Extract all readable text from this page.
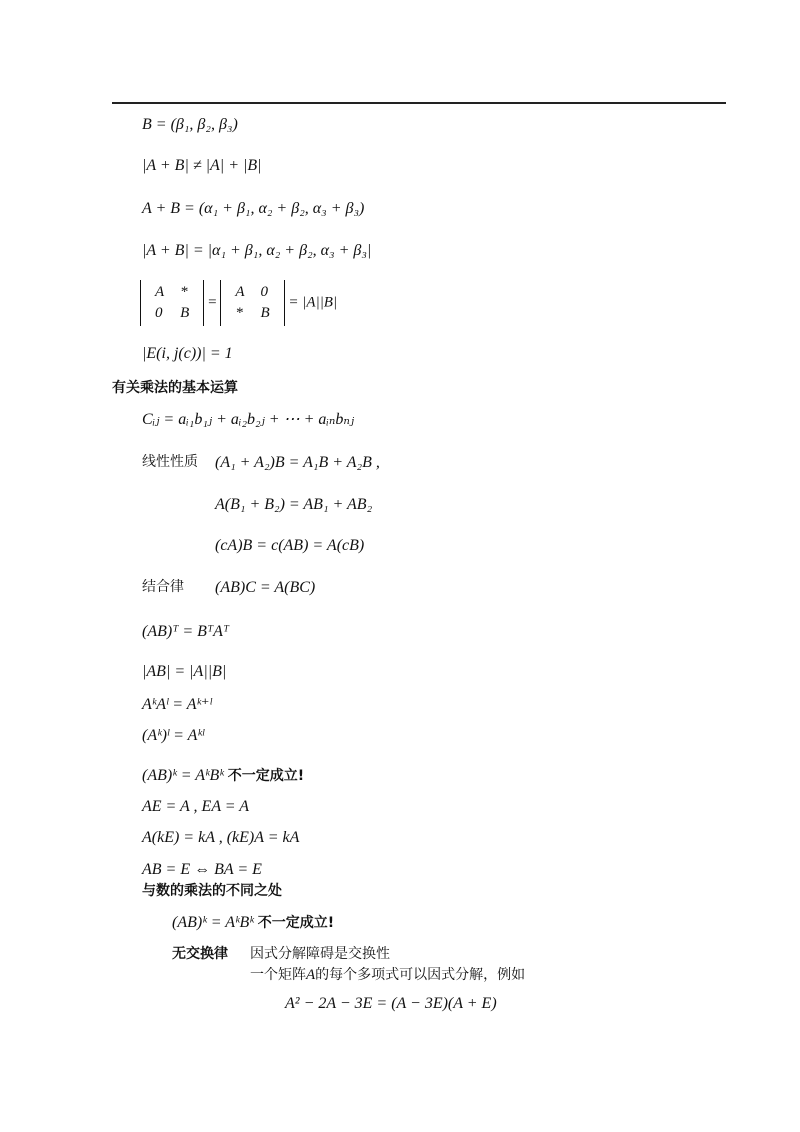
B = (β₁, β₂, β₃)
|A + B| ≠ |A| + |B|
A + B = (α₁ + β₁, α₂ + β₂, α₃ + β₃)
|A + B| = |α₁ + β₁, α₂ + β₂, α₃ + β₃|
A	*
0	B
=
A	0
*	B
= |A||B|
|E(i, j(c))| = 1
有关乘法的基本运算
Cᵢⱼ = aᵢ₁b₁ⱼ + aᵢ₂b₂ⱼ + ⋯ + aᵢₙbₙⱼ
线性性质 (A₁ + A₂)B = A₁B + A₂B ,
A(B₁ + B₂) = AB₁ + AB₂
(cA)B = c(AB) = A(cB)
结合律 (AB)C = A(BC)
(AB)ᵀ = BᵀAᵀ
|AB| = |A||B|
AᵏAˡ = Aᵏ⁺ˡ
(Aᵏ)ˡ = Aᵏˡ
(AB)ᵏ = AᵏBᵏ 不一定成立!
AE = A , EA = A
A(kE) = kA , (kE)A = kA
AB = E ⇔ BA = E
与数的乘法的不同之处
(AB)ᵏ = AᵏBᵏ 不一定成立!
无交换律 因式分解障碍是交换性
一个矩阵A的每个多项式可以因式分解，例如
A² − 2A − 3E = (A − 3E)(A + E)
